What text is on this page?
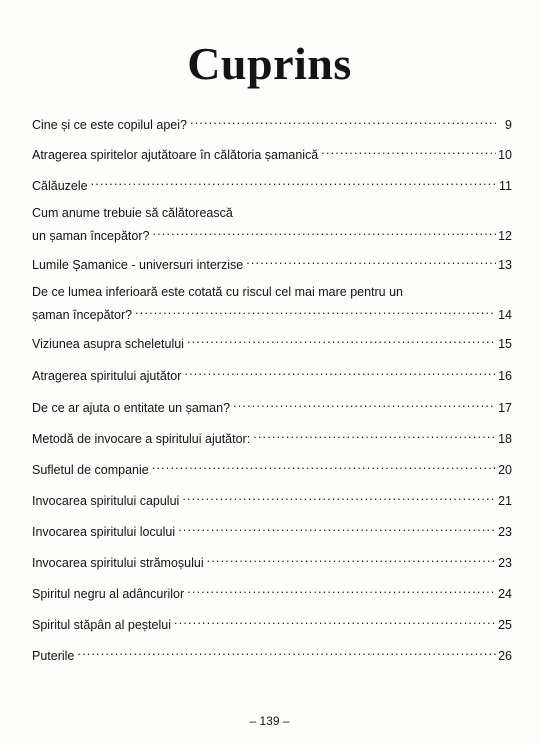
Cuprins
Cine și ce este copilul apei? .....	9
Atragerea spiritelor ajutătoare în călătoria șamanică .....	10
Călăuzele .....	11
Cum anume trebuie să călătorească
un șaman începător? .....	12
Lumile Șamanice - universuri interzise .....	13
De ce lumea inferioară este cotată cu riscul cel mai mare pentru un
șaman începător? .....	14
Viziunea asupra scheletului .....	15
Atragerea spiritului ajutător .....	16
De ce ar ajuta o entitate un șaman? .....	17
Metodă de invocare a spiritului ajutător: .....	18
Sufletul de companie .....	20
Invocarea spiritului capului .....	21
Invocarea spiritului locului .....	23
Invocarea spiritului strămoșului .....	23
Spiritul negru al adâncurilor .....	24
Spiritul stăpân al peștelui .....	25
Puterile .....	26
– 139 –
